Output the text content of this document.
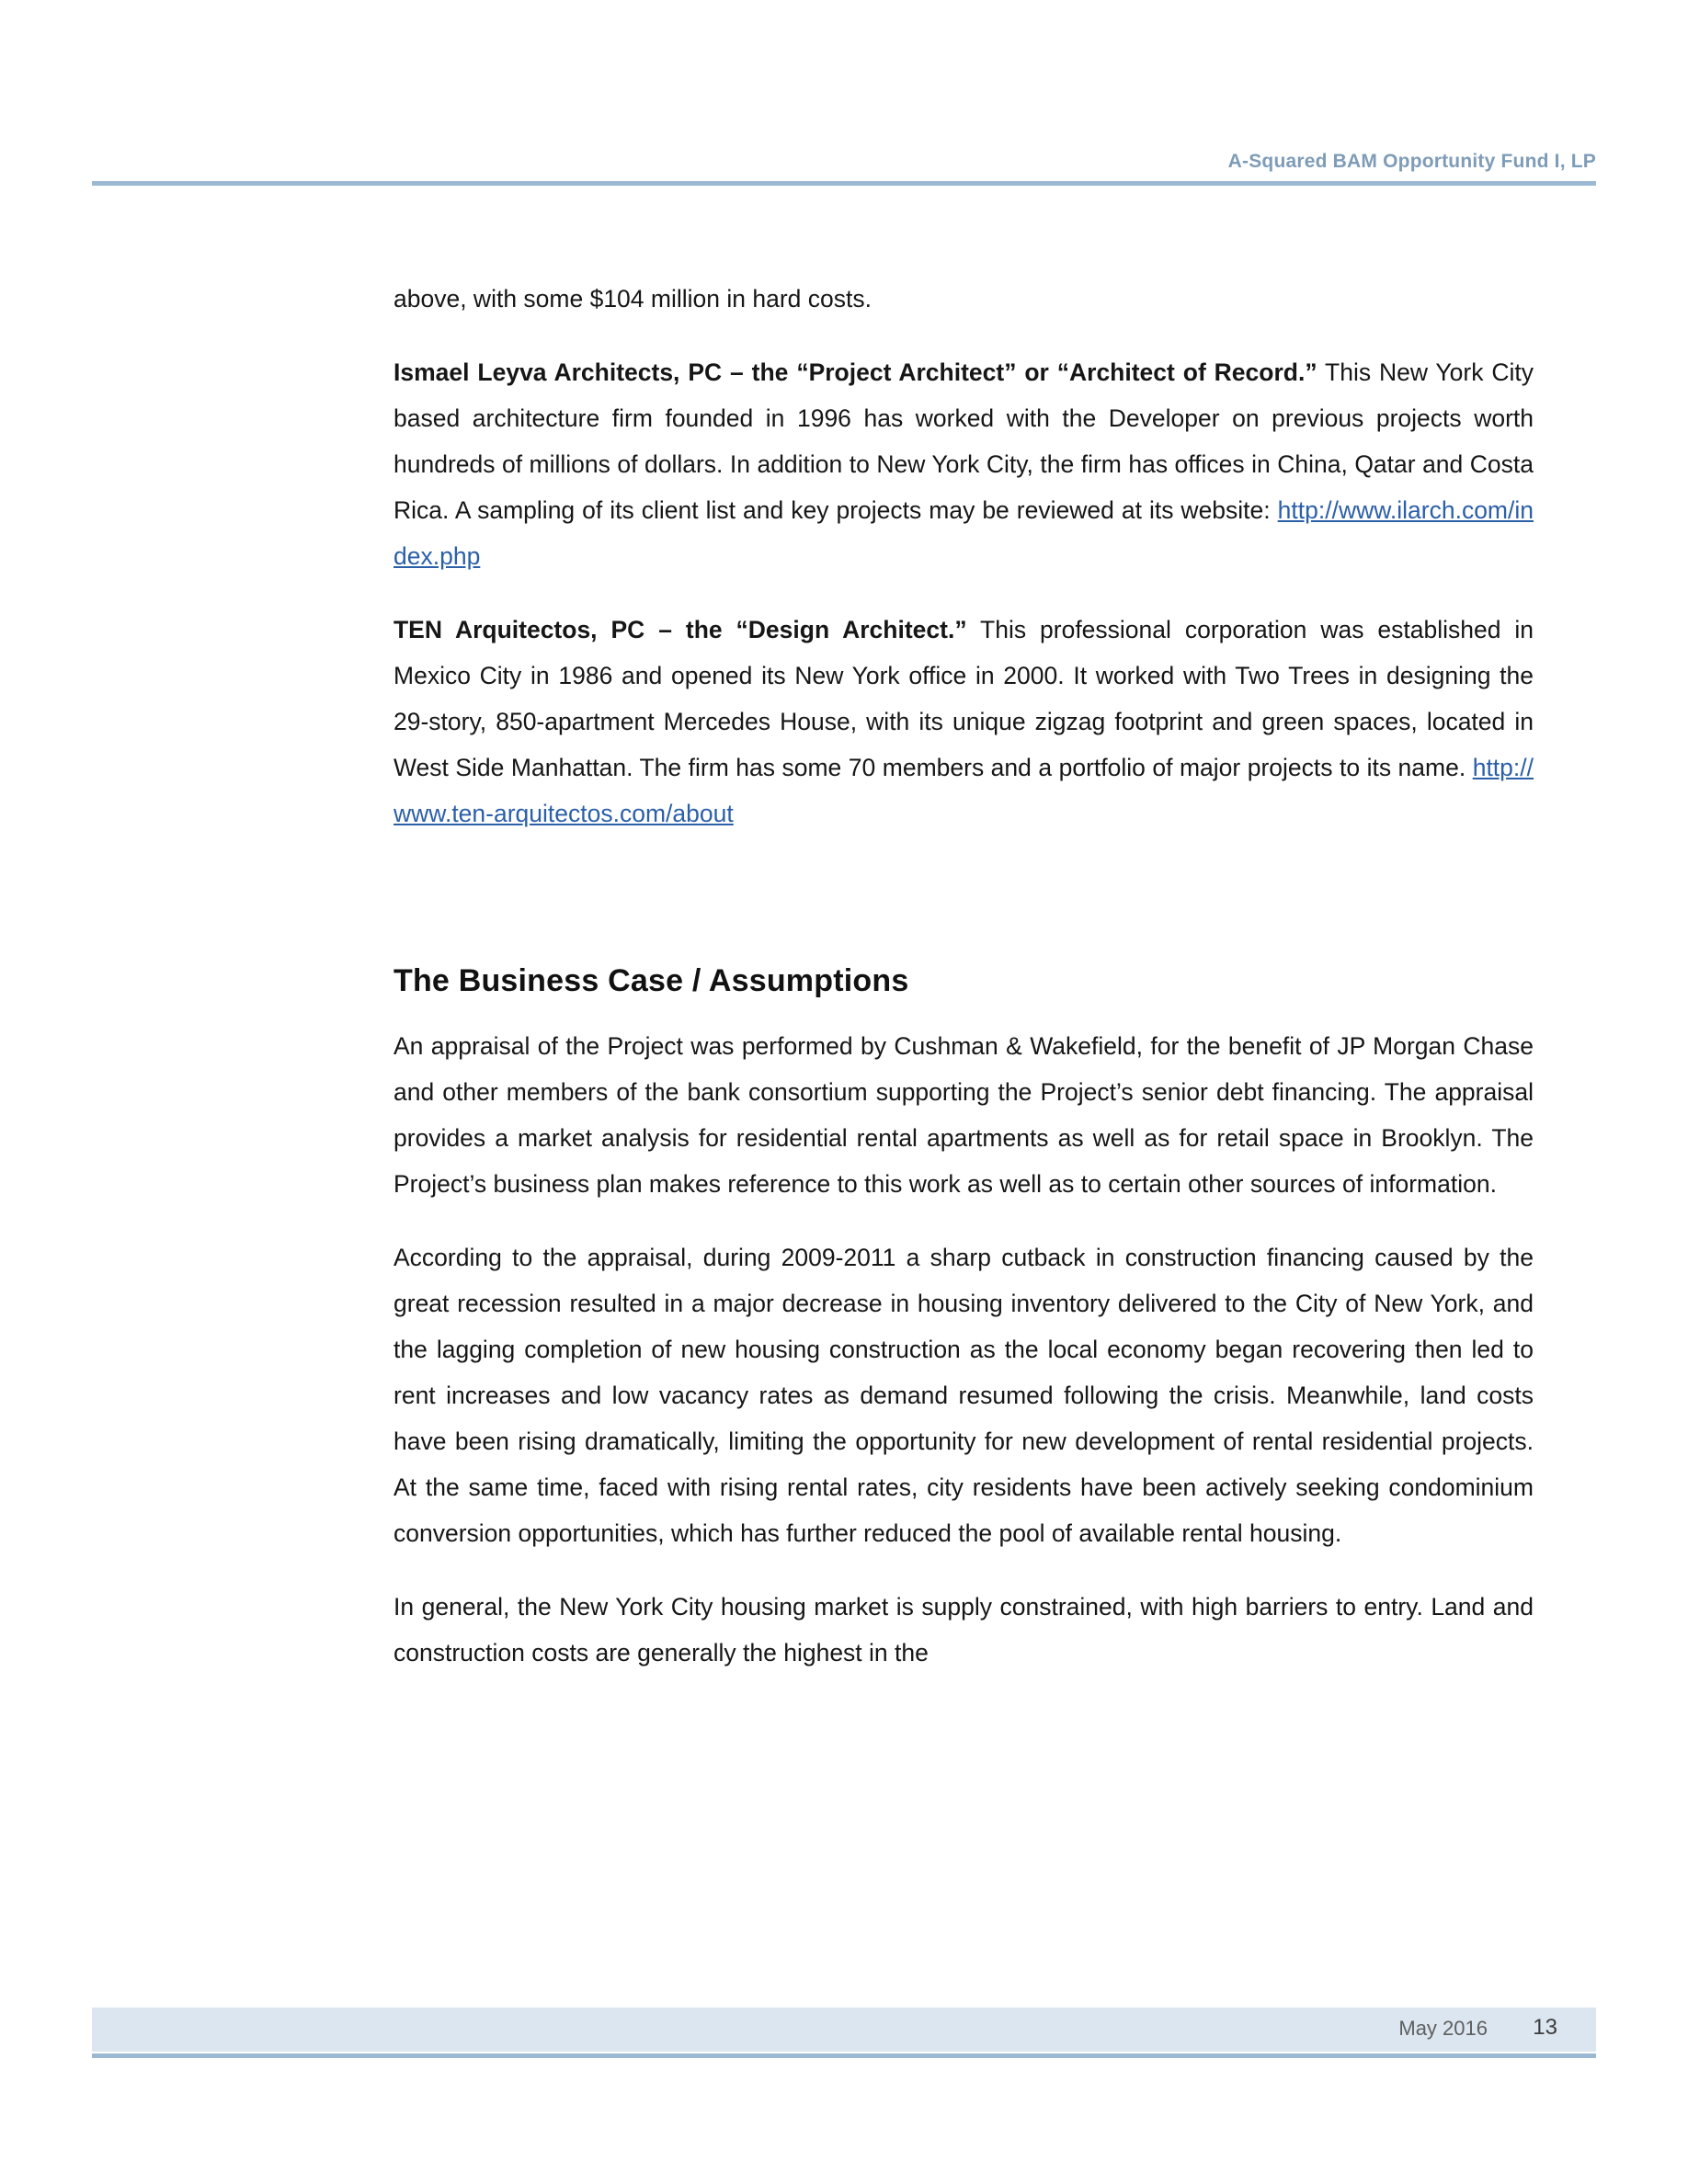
A-Squared BAM Opportunity Fund I, LP

above, with some $104 million in hard costs.

Ismael Leyva Architects, PC – the “Project Architect” or “Architect of Record.” This New York City based architecture firm founded in 1996 has worked with the Developer on previous projects worth hundreds of millions of dollars. In addition to New York City, the firm has offices in China, Qatar and Costa Rica. A sampling of its client list and key projects may be reviewed at its website: http://www.ilarch.com/index.php

TEN Arquitectos, PC – the “Design Architect.” This professional corporation was established in Mexico City in 1986 and opened its New York office in 2000. It worked with Two Trees in designing the 29-story, 850-apartment Mercedes House, with its unique zigzag footprint and green spaces, located in West Side Manhattan. The firm has some 70 members and a portfolio of major projects to its name. http://www.ten-arquitectos.com/about

The Business Case / Assumptions

An appraisal of the Project was performed by Cushman & Wakefield, for the benefit of JP Morgan Chase and other members of the bank consortium supporting the Project’s senior debt financing. The appraisal provides a market analysis for residential rental apartments as well as for retail space in Brooklyn. The Project’s business plan makes reference to this work as well as to certain other sources of information.

According to the appraisal, during 2009-2011 a sharp cutback in construction financing caused by the great recession resulted in a major decrease in housing inventory delivered to the City of New York, and the lagging completion of new housing construction as the local economy began recovering then led to rent increases and low vacancy rates as demand resumed following the crisis. Meanwhile, land costs have been rising dramatically, limiting the opportunity for new development of rental residential projects. At the same time, faced with rising rental rates, city residents have been actively seeking condominium conversion opportunities, which has further reduced the pool of available rental housing.

In general, the New York City housing market is supply constrained, with high barriers to entry. Land and construction costs are generally the highest in the

May 2016 13
